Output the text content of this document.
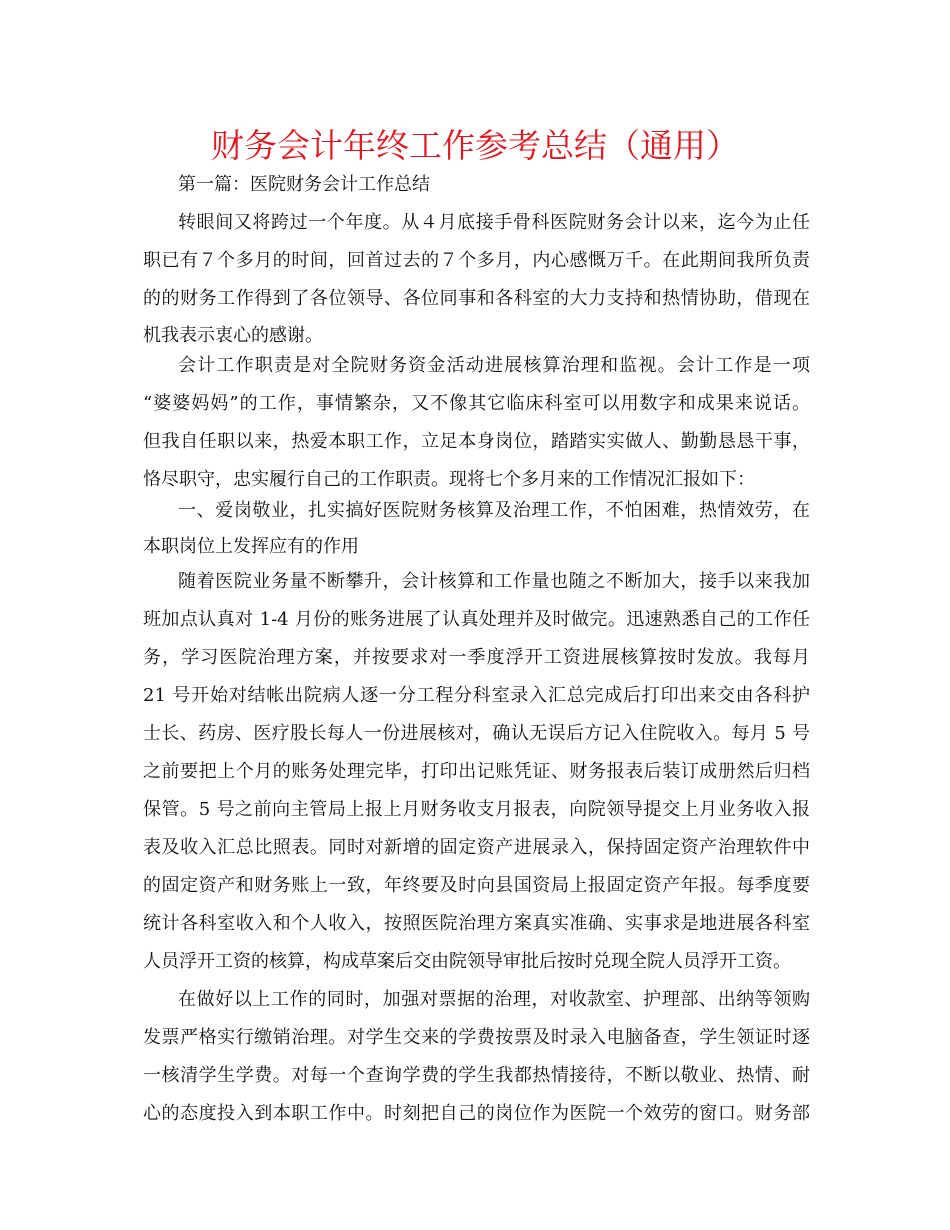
财务会计年终工作参考总结（通用）
第一篇：医院财务会计工作总结
转眼间又将跨过一个年度。从４月底接手骨科医院财务会计以来，迄今为止任
职已有７个多月的时间，回首过去的７个多月，内心感慨万千。在此期间我所负责
的的财务工作得到了各位领导、各位同事和各科室的大力支持和热情协助，借现在
机我表示衷心的感谢。
会计工作职责是对全院财务资金活动进展核算治理和监视。会计工作是一项
“婆婆妈妈”的工作，事情繁杂，又不像其它临床科室可以用数字和成果来说话。
但我自任职以来，热爱本职工作，立足本身岗位，踏踏实实做人、勤勤恳恳干事，
恪尽职守，忠实履行自己的工作职责。现将七个多月来的工作情况汇报如下：
一、爱岗敬业，扎实搞好医院财务核算及治理工作，不怕困难，热情效劳，在
本职岗位上发挥应有的作用
随着医院业务量不断攀升，会计核算和工作量也随之不断加大，接手以来我加
班加点认真对 1-4 月份的账务进展了认真处理并及时做完。迅速熟悉自己的工作任
务，学习医院治理方案，并按要求对一季度浮开工资进展核算按时发放。我每月
21 号开始对结帐出院病人逐一分工程分科室录入汇总完成后打印出来交由各科护
士长、药房、医疗股长每人一份进展核对，确认无误后方记入住院收入。每月 5 号
之前要把上个月的账务处理完毕，打印出记账凭证、财务报表后装订成册然后归档
保管。5 号之前向主管局上报上月财务收支月报表，向院领导提交上月业务收入报
表及收入汇总比照表。同时对新增的固定资产进展录入，保持固定资产治理软件中
的固定资产和财务账上一致，年终要及时向县国资局上报固定资产年报。每季度要
统计各科室收入和个人收入，按照医院治理方案真实准确、实事求是地进展各科室
人员浮开工资的核算，构成草案后交由院领导审批后按时兑现全院人员浮开工资。
在做好以上工作的同时，加强对票据的治理，对收款室、护理部、出纳等领购
发票严格实行缴销治理。对学生交来的学费按票及时录入电脑备查，学生领证时逐
一核清学生学费。对每一个查询学费的学生我都热情接待，不断以敬业、热情、耐
心的态度投入到本职工作中。时刻把自己的岗位作为医院一个效劳的窗口。财务部
